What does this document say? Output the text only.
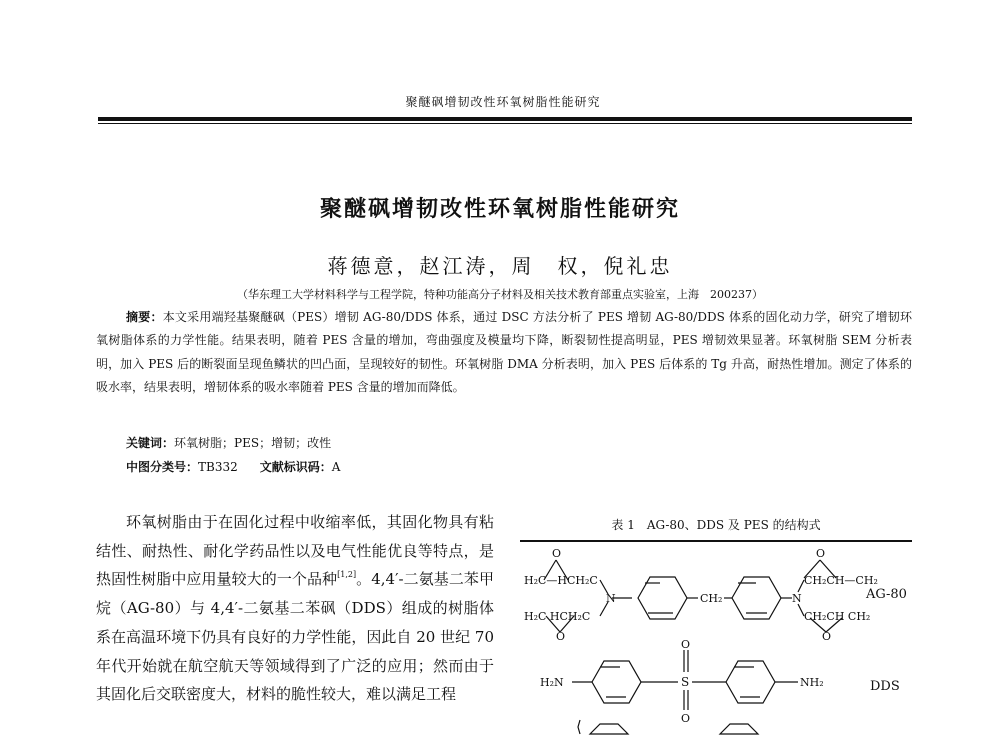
聚醚砜增韧改性环氧树脂性能研究
聚醚砜增韧改性环氧树脂性能研究
蒋德意，赵江涛，周　权，倪礼忠
（华东理工大学材料科学与工程学院，特种功能高分子材料及相关技术教育部重点实验室，上海　200237）
摘要：本文采用端羟基聚醚砜（PES）增韧 AG-80/DDS 体系，通过 DSC 方法分析了 PES 增韧 AG-80/DDS 体系的固化动力学，研究了增韧环氧树脂体系的力学性能。结果表明，随着 PES 含量的增加，弯曲强度及模量均下降，断裂韧性提高明显，PES 增韧效果显著。环氧树脂 SEM 分析表明，加入 PES 后的断裂面呈现鱼鳞状的凹凸面，呈现较好的韧性。环氧树脂 DMA 分析表明，加入 PES 后体系的 Tg 升高，耐热性增加。测定了体系的吸水率，结果表明，增韧体系的吸水率随着 PES 含量的增加而降低。
关键词：环氧树脂；PES；增韧；改性
中图分类号：TB332 文献标识码：A
环氧树脂由于在固化过程中收缩率低，其固化物具有粘结性、耐热性、耐化学药品性以及电气性能优良等特点，是热固性树脂中应用量较大的一个品种[1,2]。4,4′-二氨基二苯甲烷（AG-80）与 4,4′-二氨基二苯砜（DDS）组成的树脂体系在高温环境下仍具有良好的力学性能，因此自 20 世纪 70 年代开始就在航空航天等领域得到了广泛的应用；然而由于其固化后交联密度大，材料的脆性较大，难以满足工程
表 1　AG-80、DDS 及 PES 的结构式
O
H₂C—HCH₂C
H₂C HCH₂C
O
N	CH₂	N
O
CH₂CH—CH₂
CH₂CH CH₂
O
AG-80
H₂N
O
S
O
NH₂	DDS
